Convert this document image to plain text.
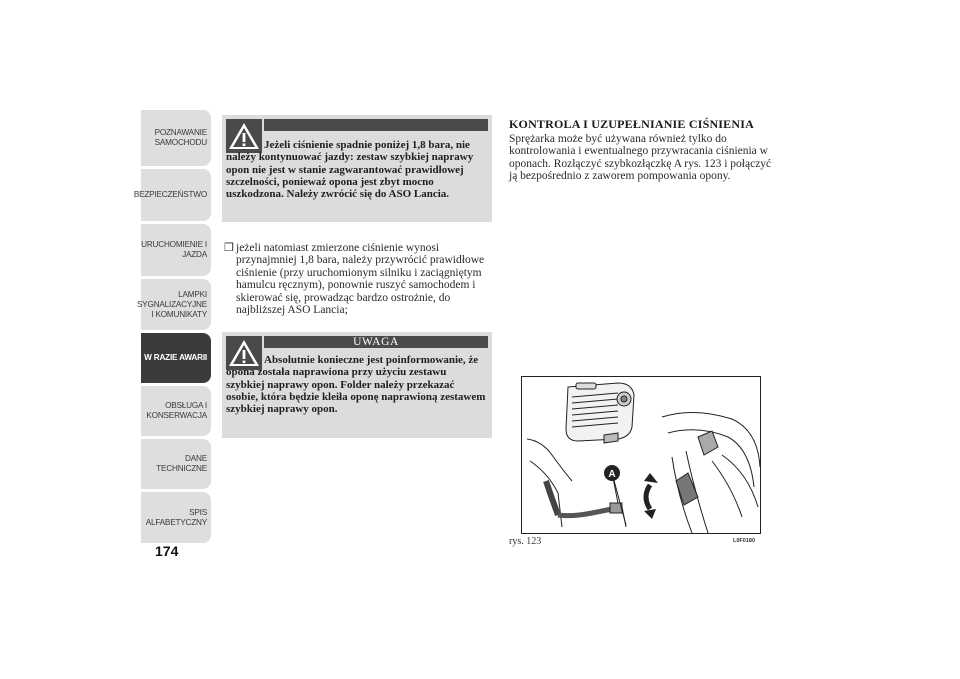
POZNAWANIE
SAMOCHODU
BEZPIECZEŃSTWO
URUCHOMIENIE I
JAZDA
LAMPKI
SYGNALIZACYJNE
I KOMUNIKATY
W RAZIE AWARII
OBSŁUGA I
KONSERWACJA
DANE
TECHNICZNE
SPIS
ALFABETYCZNY
174
Jeżeli ciśnienie spadnie poniżej 1,8 bara, nie należy kontynuować jazdy: zestaw szybkiej naprawy opon nie jest w stanie zagwarantować prawidłowej szczelności, ponieważ opona jest zbyt mocno uszkodzona. Należy zwrócić się do ASO Lancia.
❒ jeżeli natomiast zmierzone ciśnienie wynosi przynajmniej 1,8 bara, należy przywrócić prawidłowe ciśnienie (przy uruchomionym silniku i zaciągniętym hamulcu ręcznym), ponownie ruszyć samochodem i skierować się, prowadząc bardzo ostrożnie, do najbliższej ASO Lancia;
UWAGA
Absolutnie konieczne jest poinformowanie, że opona została naprawiona przy użyciu zestawu szybkiej naprawy opon. Folder należy przekazać osobie, która będzie kleiła oponę naprawioną zestawem szybkiej naprawy opon.
KONTROLA I UZUPEŁNIANIE CIŚNIENIA
Sprężarka może być używana również tylko do kontrolowania i ewentualnego przywracania ciśnienia w oponach. Rozłączyć szybkozłączkę A rys. 123 i połączyć ją bezpośrednio z zaworem pompowania opony.
A
rys. 123	L0F0180
